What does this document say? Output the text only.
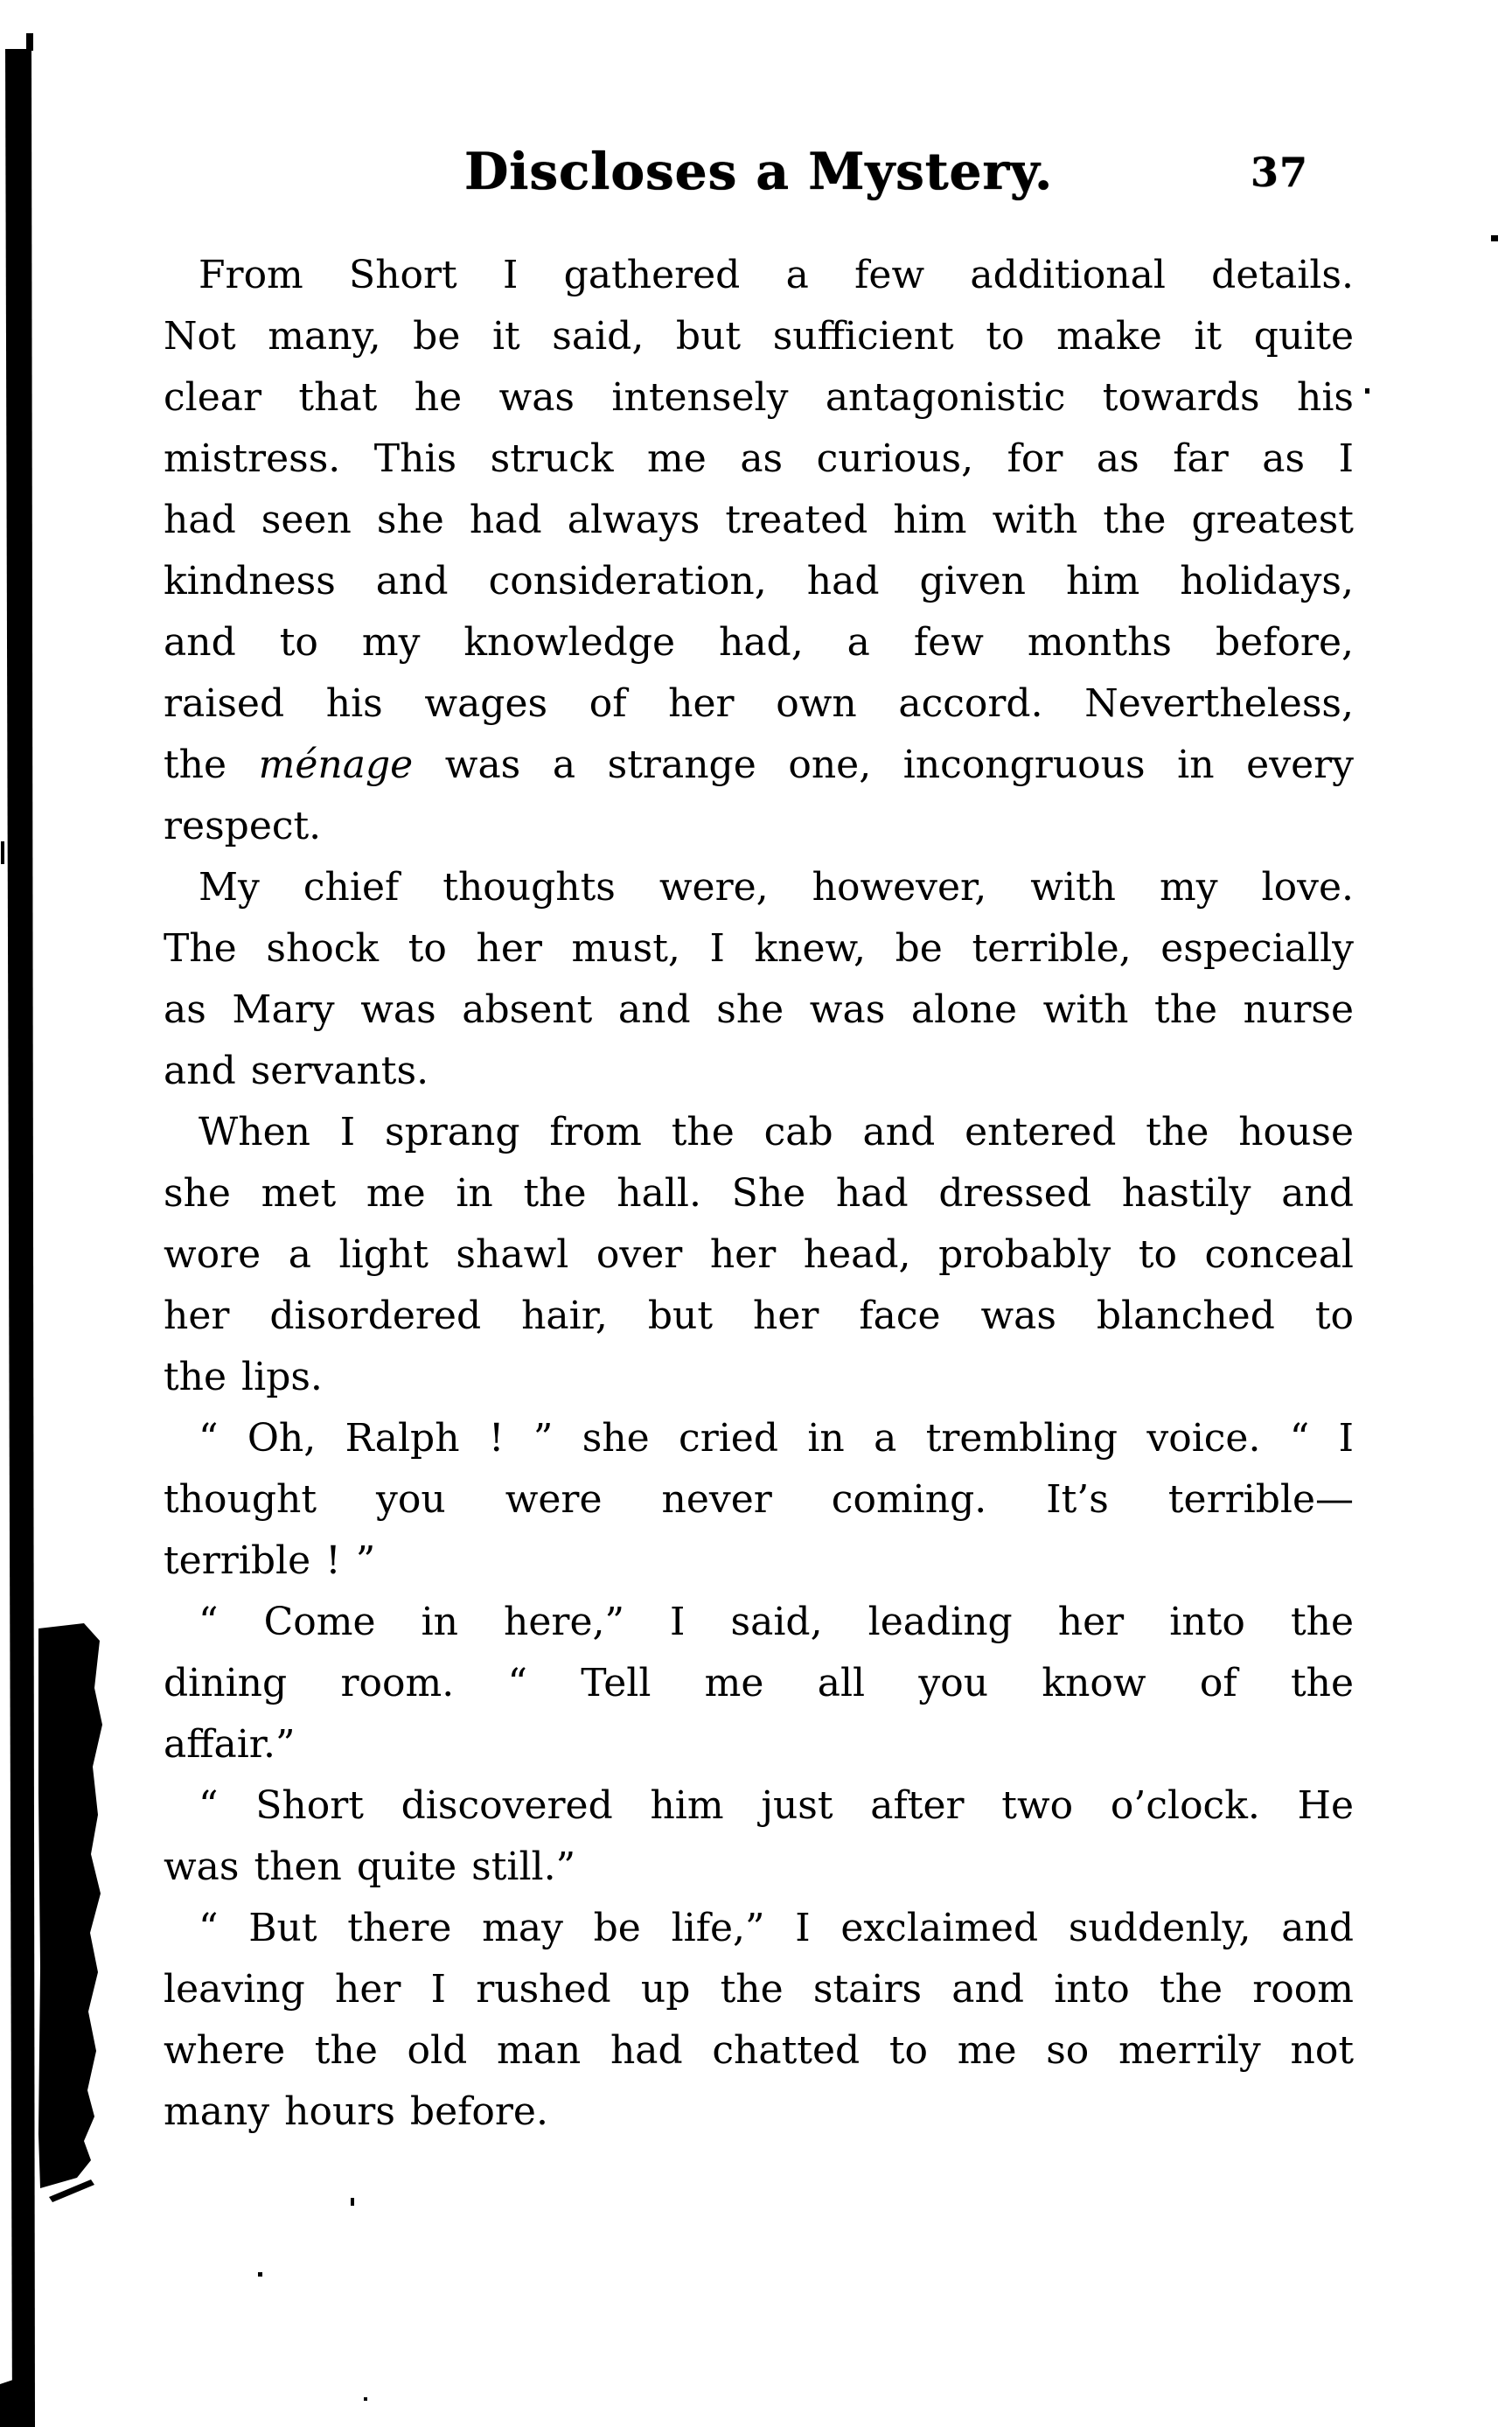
Discloses a Mystery.	37
From Short I gathered a few additional details.
Not many, be it said, but sufficient to make it quite
clear that he was intensely antagonistic towards his
mistress. This struck me as curious, for as far as I
had seen she had always treated him with the greatest
kindness and consideration, had given him holidays,
and to my knowledge had, a few months before,
raised his wages of her own accord. Nevertheless,
the ménage was a strange one, incongruous in every
respect.
My chief thoughts were, however, with my love.
The shock to her must, I knew, be terrible, especially
as Mary was absent and she was alone with the nurse
and servants.
When I sprang from the cab and entered the house
she met me in the hall. She had dressed hastily and
wore a light shawl over her head, probably to conceal
her disordered hair, but her face was blanched to
the lips.
“ Oh, Ralph ! ” she cried in a trembling voice. “ I
thought you were never coming. It’s terrible—
terrible ! ”
“ Come in here,” I said, leading her into the
dining room. “ Tell me all you know of the
affair.”
“ Short discovered him just after two o’clock. He
was then quite still.”
“ But there may be life,” I exclaimed suddenly, and
leaving her I rushed up the stairs and into the room
where the old man had chatted to me so merrily not
many hours before.
